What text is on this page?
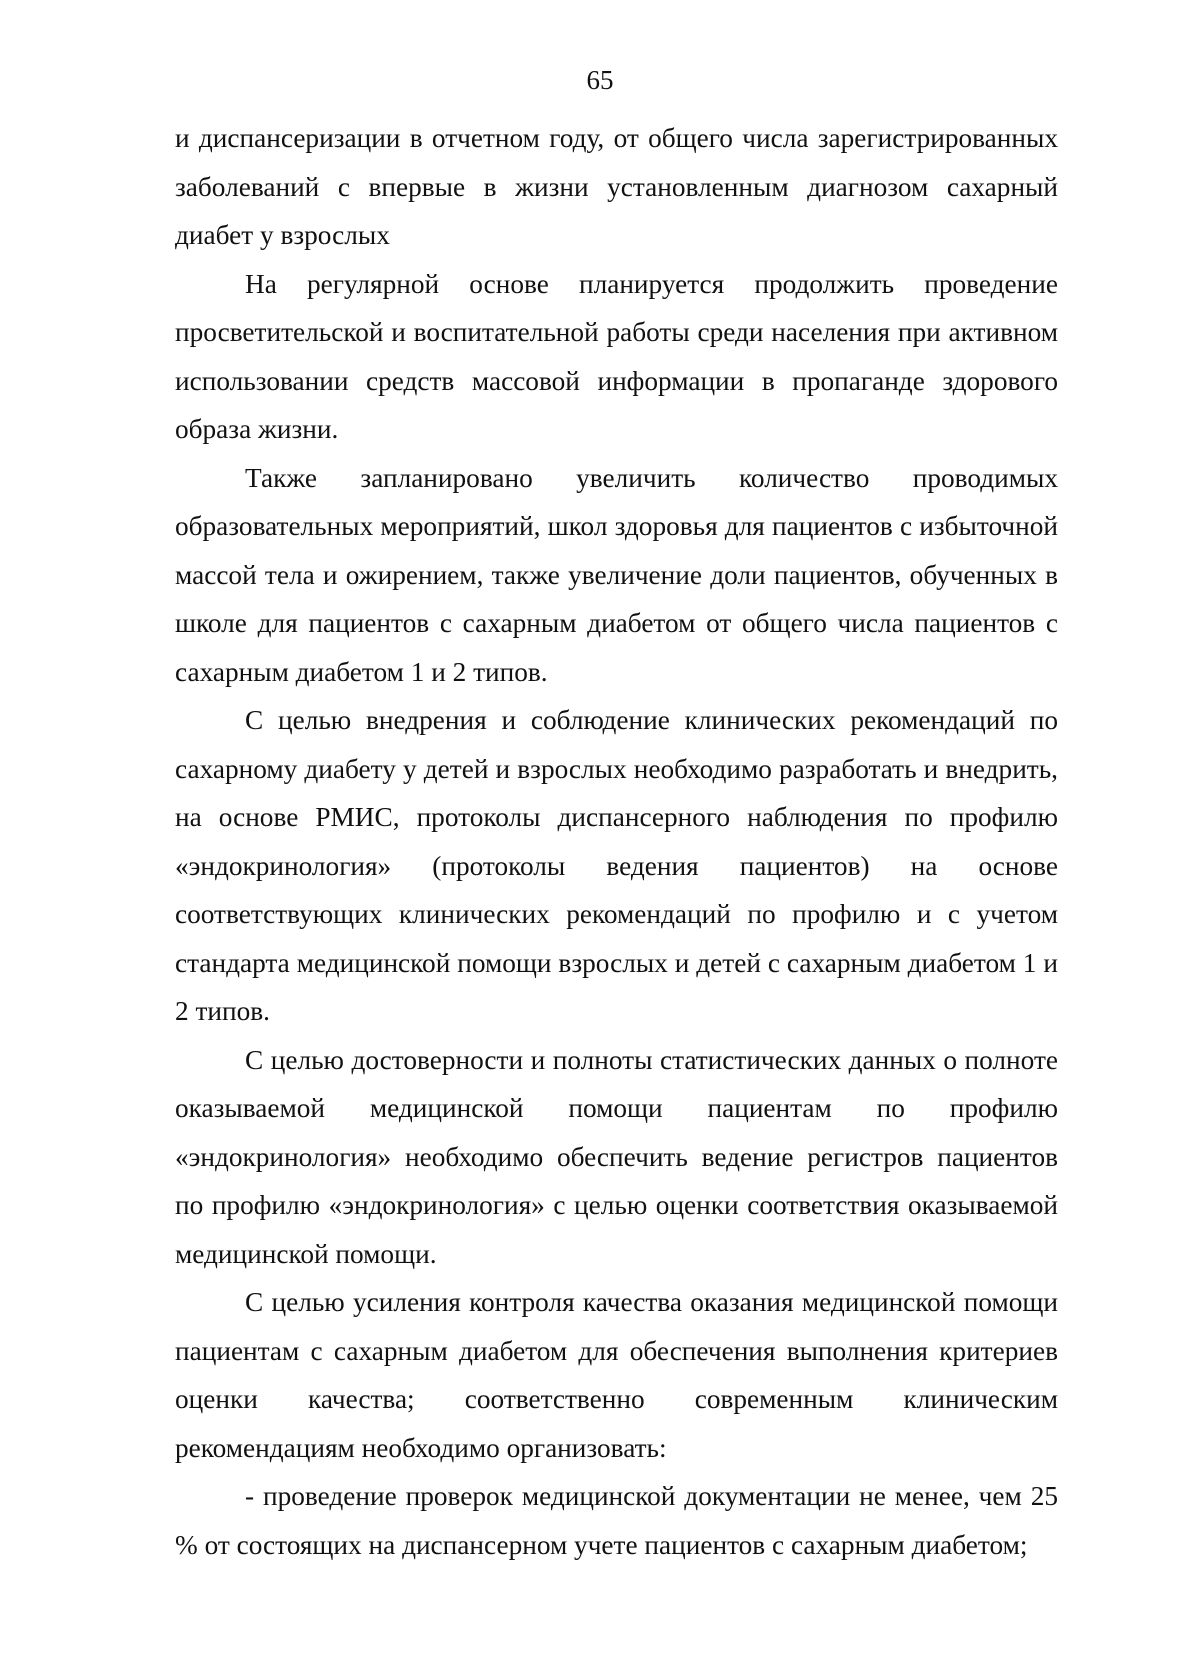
65

и диспансеризации в отчетном году, от общего числа зарегистрированных заболеваний с впервые в жизни установленным диагнозом сахарный диабет у взрослых

На регулярной основе планируется продолжить проведение просветительской и воспитательной работы среди населения при активном использовании средств массовой информации в пропаганде здорового образа жизни.

Также запланировано увеличить количество проводимых образовательных мероприятий, школ здоровья для пациентов с избыточной массой тела и ожирением, также увеличение доли пациентов, обученных в школе для пациентов с сахарным диабетом от общего числа пациентов с сахарным диабетом 1 и 2 типов.

С целью внедрения и соблюдение клинических рекомендаций по сахарному диабету у детей и взрослых необходимо разработать и внедрить, на основе РМИС, протоколы диспансерного наблюдения по профилю «эндокринология» (протоколы ведения пациентов) на основе соответствующих клинических рекомендаций по профилю и с учетом стандарта медицинской помощи взрослых и детей с сахарным диабетом 1 и 2 типов.

С целью достоверности и полноты статистических данных о полноте оказываемой медицинской помощи пациентам по профилю «эндокринология» необходимо обеспечить ведение регистров пациентов по профилю «эндокринология» с целью оценки соответствия оказываемой медицинской помощи.

С целью усиления контроля качества оказания медицинской помощи пациентам с сахарным диабетом для обеспечения выполнения критериев оценки качества; соответственно современным клиническим рекомендациям необходимо организовать:

- проведение проверок медицинской документации не менее, чем 25 % от состоящих на диспансерном учете пациентов с сахарным диабетом;
